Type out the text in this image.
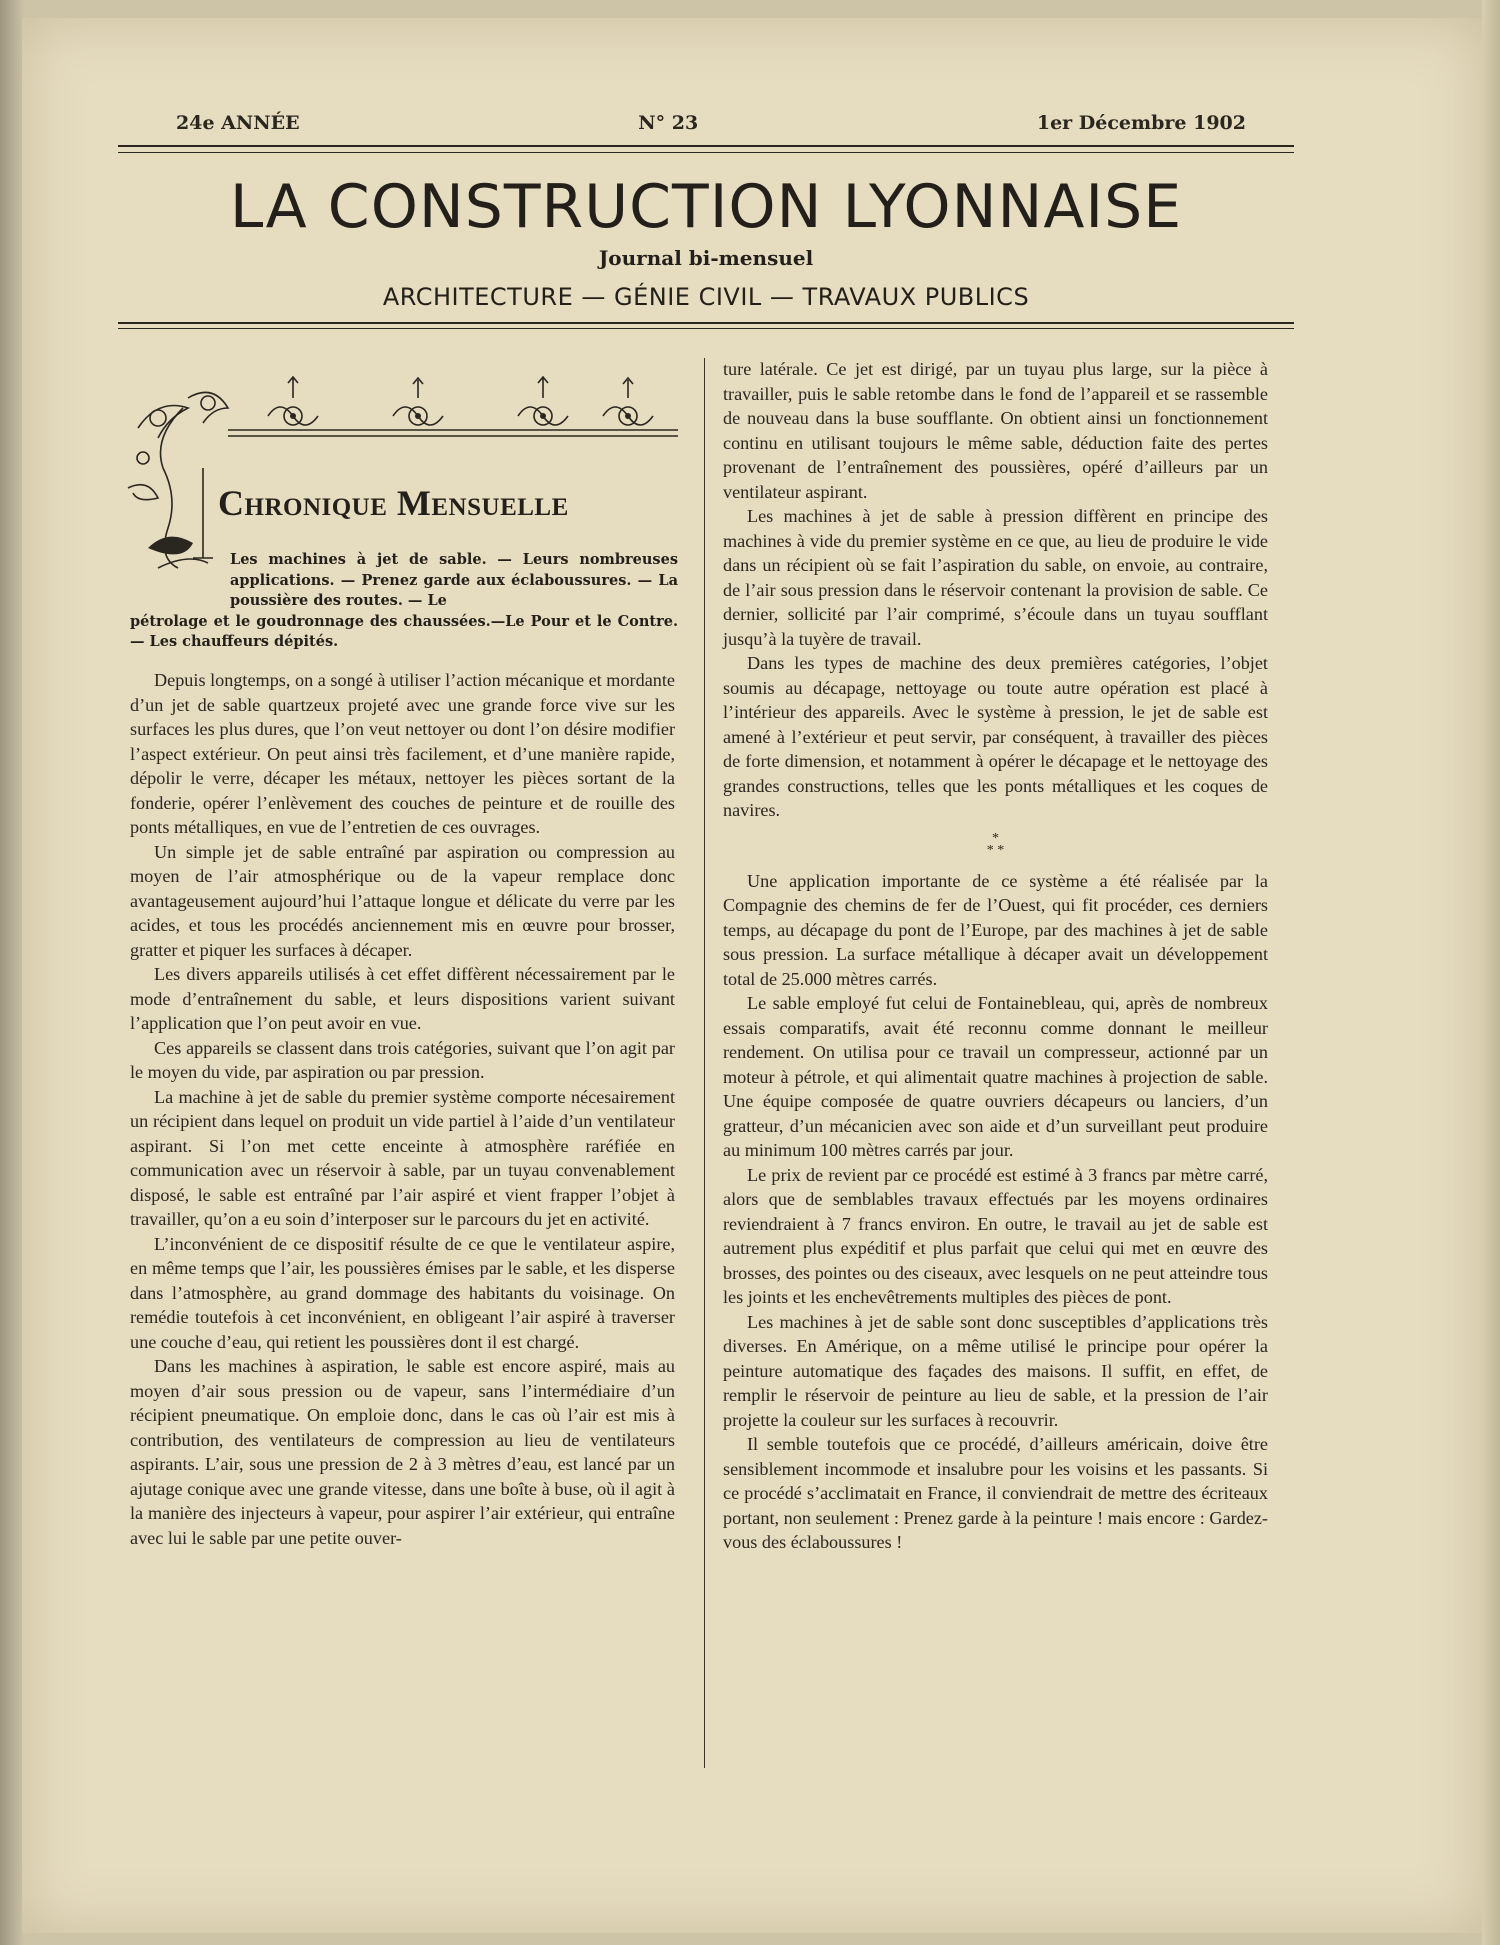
24e ANNÉE	N° 23	1er Décembre 1902
LA CONSTRUCTION LYONNAISE
Journal bi-mensuel
ARCHITECTURE — GÉNIE CIVIL — TRAVAUX PUBLICS
Chronique Mensuelle
Les machines à jet de sable. — Leurs nombreuses applications. — Prenez garde aux éclaboussures. — La poussière des routes. — Le
pétrolage et le goudronnage des chaussées.—Le Pour et le Contre. — Les chauffeurs dépités.

Depuis longtemps, on a songé à utiliser l’action mécanique et mordante d’un jet de sable quartzeux projeté avec une grande force vive sur les surfaces les plus dures, que l’on veut nettoyer ou dont l’on désire modifier l’aspect extérieur. On peut ainsi très facilement, et d’une manière rapide, dépolir le verre, décaper les métaux, nettoyer les pièces sortant de la fonderie, opérer l’enlèvement des couches de peinture et de rouille des ponts métalliques, en vue de l’entretien de ces ouvrages.

Un simple jet de sable entraîné par aspiration ou compression au moyen de l’air atmosphérique ou de la vapeur remplace donc avantageusement aujourd’hui l’attaque longue et délicate du verre par les acides, et tous les procédés anciennement mis en œuvre pour brosser, gratter et piquer les surfaces à décaper.

Les divers appareils utilisés à cet effet diffèrent nécessairement par le mode d’entraînement du sable, et leurs dispositions varient suivant l’application que l’on peut avoir en vue.

Ces appareils se classent dans trois catégories, suivant que l’on agit par le moyen du vide, par aspiration ou par pression.

La machine à jet de sable du premier système comporte nécesairement un récipient dans lequel on produit un vide partiel à l’aide d’un ventilateur aspirant. Si l’on met cette enceinte à atmosphère raréfiée en communication avec un réservoir à sable, par un tuyau convenablement disposé, le sable est entraîné par l’air aspiré et vient frapper l’objet à travailler, qu’on a eu soin d’interposer sur le parcours du jet en activité.

L’inconvénient de ce dispositif résulte de ce que le ventilateur aspire, en même temps que l’air, les poussières émises par le sable, et les disperse dans l’atmosphère, au grand dommage des habitants du voisinage. On remédie toutefois à cet inconvénient, en obligeant l’air aspiré à traverser une couche d’eau, qui retient les poussières dont il est chargé.

Dans les machines à aspiration, le sable est encore aspiré, mais au moyen d’air sous pression ou de vapeur, sans l’intermédiaire d’un récipient pneumatique. On emploie donc, dans le cas où l’air est mis à contribution, des ventilateurs de compression au lieu de ventilateurs aspirants. L’air, sous une pression de 2 à 3 mètres d’eau, est lancé par un ajutage conique avec une grande vitesse, dans une boîte à buse, où il agit à la manière des injecteurs à vapeur, pour aspirer l’air extérieur, qui entraîne avec lui le sable par une petite ouver-

ture latérale. Ce jet est dirigé, par un tuyau plus large, sur la pièce à travailler, puis le sable retombe dans le fond de l’appareil et se rassemble de nouveau dans la buse soufflante. On obtient ainsi un fonctionnement continu en utilisant toujours le même sable, déduction faite des pertes provenant de l’entraînement des poussières, opéré d’ailleurs par un ventilateur aspirant.

Les machines à jet de sable à pression diffèrent en principe des machines à vide du premier système en ce que, au lieu de produire le vide dans un récipient où se fait l’aspiration du sable, on envoie, au contraire, de l’air sous pression dans le réservoir contenant la provision de sable. Ce dernier, sollicité par l’air comprimé, s’écoule dans un tuyau soufflant jusqu’à la tuyère de travail.

Dans les types de machine des deux premières catégories, l’objet soumis au décapage, nettoyage ou toute autre opération est placé à l’intérieur des appareils. Avec le système à pression, le jet de sable est amené à l’extérieur et peut servir, par conséquent, à travailler des pièces de forte dimension, et notamment à opérer le décapage et le nettoyage des grandes constructions, telles que les ponts métalliques et les coques de navires.

*
* *

Une application importante de ce système a été réalisée par la Compagnie des chemins de fer de l’Ouest, qui fit procéder, ces derniers temps, au décapage du pont de l’Europe, par des machines à jet de sable sous pression. La surface métallique à décaper avait un développement total de 25.000 mètres carrés.

Le sable employé fut celui de Fontainebleau, qui, après de nombreux essais comparatifs, avait été reconnu comme donnant le meilleur rendement. On utilisa pour ce travail un compresseur, actionné par un moteur à pétrole, et qui alimentait quatre machines à projection de sable. Une équipe composée de quatre ouvriers décapeurs ou lanciers, d’un gratteur, d’un mécanicien avec son aide et d’un surveillant peut produire au minimum 100 mètres carrés par jour.

Le prix de revient par ce procédé est estimé à 3 francs par mètre carré, alors que de semblables travaux effectués par les moyens ordinaires reviendraient à 7 francs environ. En outre, le travail au jet de sable est autrement plus expéditif et plus parfait que celui qui met en œuvre des brosses, des pointes ou des ciseaux, avec lesquels on ne peut atteindre tous les joints et les enchevêtrements multiples des pièces de pont.

Les machines à jet de sable sont donc susceptibles d’applications très diverses. En Amérique, on a même utilisé le principe pour opérer la peinture automatique des façades des maisons. Il suffit, en effet, de remplir le réservoir de peinture au lieu de sable, et la pression de l’air projette la couleur sur les surfaces à recouvrir.

Il semble toutefois que ce procédé, d’ailleurs américain, doive être sensiblement incommode et insalubre pour les voisins et les passants. Si ce procédé s’acclimatait en France, il conviendrait de mettre des écriteaux portant, non seulement : Prenez garde à la peinture ! mais encore : Gardez-vous des éclaboussures !
